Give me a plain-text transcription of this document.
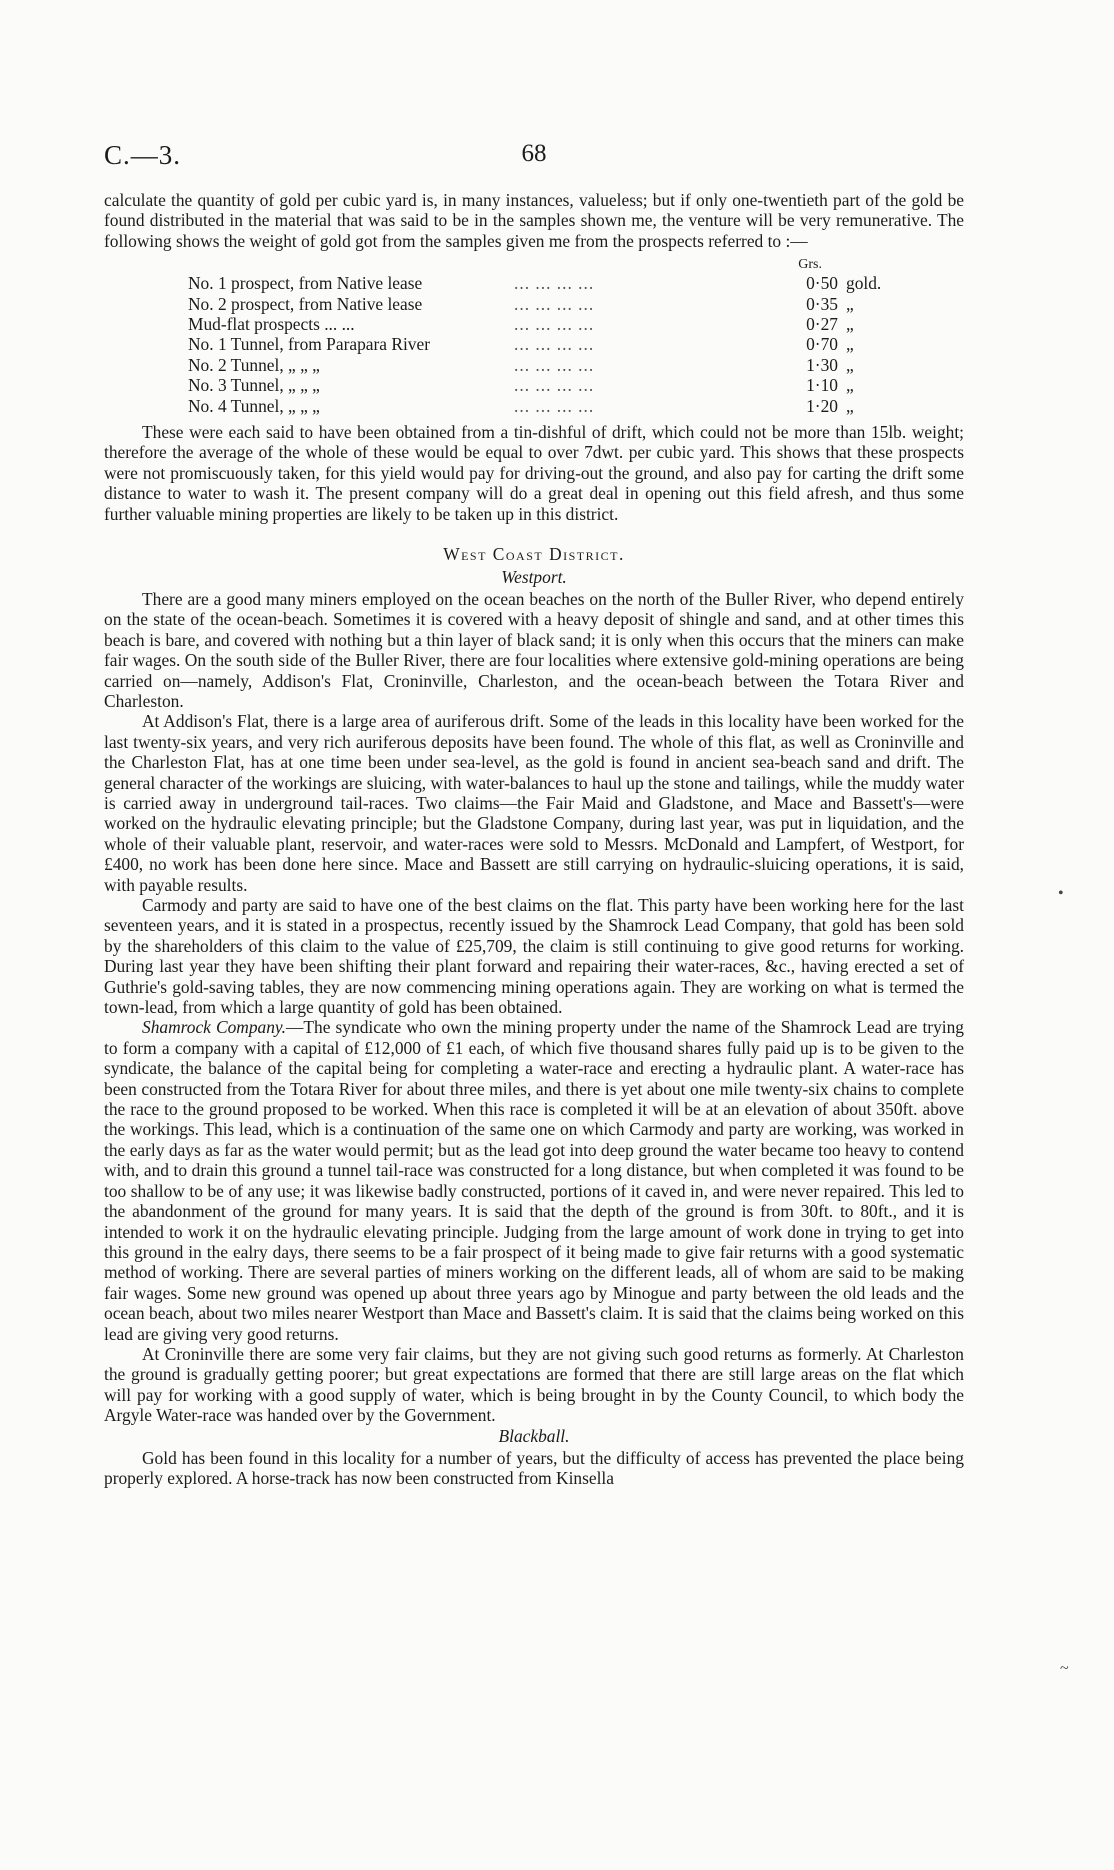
C.—3.	68

calculate the quantity of gold per cubic yard is, in many instances, valueless; but if only one-twentieth part of the gold be found distributed in the material that was said to be in the samples shown me, the venture will be very remunerative. The following shows the weight of gold got from the samples given me from the prospects referred to :—

Grs.
No. 1 prospect, from Native lease	... ... ... ...	0·50 gold.
No. 2 prospect, from Native lease	... ... ... ...	0·35 „
Mud-flat prospects ... ...	... ... ... ...	0·27 „
No. 1 Tunnel, from Parapara River	... ... ... ...	0·70 „
No. 2 Tunnel, „ „ „	... ... ... ...	1·30 „
No. 3 Tunnel, „ „ „	... ... ... ...	1·10 „
No. 4 Tunnel, „ „ „	... ... ... ...	1·20 „

These were each said to have been obtained from a tin-dishful of drift, which could not be more than 15lb. weight; therefore the average of the whole of these would be equal to over 7dwt. per cubic yard. This shows that these prospects were not promiscuously taken, for this yield would pay for driving-out the ground, and also pay for carting the drift some distance to water to wash it. The present company will do a great deal in opening out this field afresh, and thus some further valuable mining properties are likely to be taken up in this district.

West Coast District.
Westport.

There are a good many miners employed on the ocean beaches on the north of the Buller River, who depend entirely on the state of the ocean-beach. Sometimes it is covered with a heavy deposit of shingle and sand, and at other times this beach is bare, and covered with nothing but a thin layer of black sand; it is only when this occurs that the miners can make fair wages. On the south side of the Buller River, there are four localities where extensive gold-mining operations are being carried on—namely, Addison's Flat, Croninville, Charleston, and the ocean-beach between the Totara River and Charleston.

At Addison's Flat, there is a large area of auriferous drift. Some of the leads in this locality have been worked for the last twenty-six years, and very rich auriferous deposits have been found. The whole of this flat, as well as Croninville and the Charleston Flat, has at one time been under sea-level, as the gold is found in ancient sea-beach sand and drift. The general character of the workings are sluicing, with water-balances to haul up the stone and tailings, while the muddy water is carried away in underground tail-races. Two claims—the Fair Maid and Gladstone, and Mace and Bassett's—were worked on the hydraulic elevating principle; but the Gladstone Company, during last year, was put in liquidation, and the whole of their valuable plant, reservoir, and water-races were sold to Messrs. McDonald and Lampfert, of Westport, for £400, no work has been done here since. Mace and Bassett are still carrying on hydraulic-sluicing operations, it is said, with payable results.

Carmody and party are said to have one of the best claims on the flat. This party have been working here for the last seventeen years, and it is stated in a prospectus, recently issued by the Shamrock Lead Company, that gold has been sold by the shareholders of this claim to the value of £25,709, the claim is still continuing to give good returns for working. During last year they have been shifting their plant forward and repairing their water-races, &c., having erected a set of Guthrie's gold-saving tables, they are now commencing mining operations again. They are working on what is termed the town-lead, from which a large quantity of gold has been obtained.

Shamrock Company.—The syndicate who own the mining property under the name of the Shamrock Lead are trying to form a company with a capital of £12,000 of £1 each, of which five thousand shares fully paid up is to be given to the syndicate, the balance of the capital being for completing a water-race and erecting a hydraulic plant. A water-race has been constructed from the Totara River for about three miles, and there is yet about one mile twenty-six chains to complete the race to the ground proposed to be worked. When this race is completed it will be at an elevation of about 350ft. above the workings. This lead, which is a continuation of the same one on which Carmody and party are working, was worked in the early days as far as the water would permit; but as the lead got into deep ground the water became too heavy to contend with, and to drain this ground a tunnel tail-race was constructed for a long distance, but when completed it was found to be too shallow to be of any use; it was likewise badly constructed, portions of it caved in, and were never repaired. This led to the abandonment of the ground for many years. It is said that the depth of the ground is from 30ft. to 80ft., and it is intended to work it on the hydraulic elevating principle. Judging from the large amount of work done in trying to get into this ground in the ealry days, there seems to be a fair prospect of it being made to give fair returns with a good systematic method of working. There are several parties of miners working on the different leads, all of whom are said to be making fair wages. Some new ground was opened up about three years ago by Minogue and party between the old leads and the ocean beach, about two miles nearer Westport than Mace and Bassett's claim. It is said that the claims being worked on this lead are giving very good returns.

At Croninville there are some very fair claims, but they are not giving such good returns as formerly. At Charleston the ground is gradually getting poorer; but great expectations are formed that there are still large areas on the flat which will pay for working with a good supply of water, which is being brought in by the County Council, to which body the Argyle Water-race was handed over by the Government.

Blackball.

Gold has been found in this locality for a number of years, but the difficulty of access has prevented the place being properly explored. A horse-track has now been constructed from Kinsella

•
~
